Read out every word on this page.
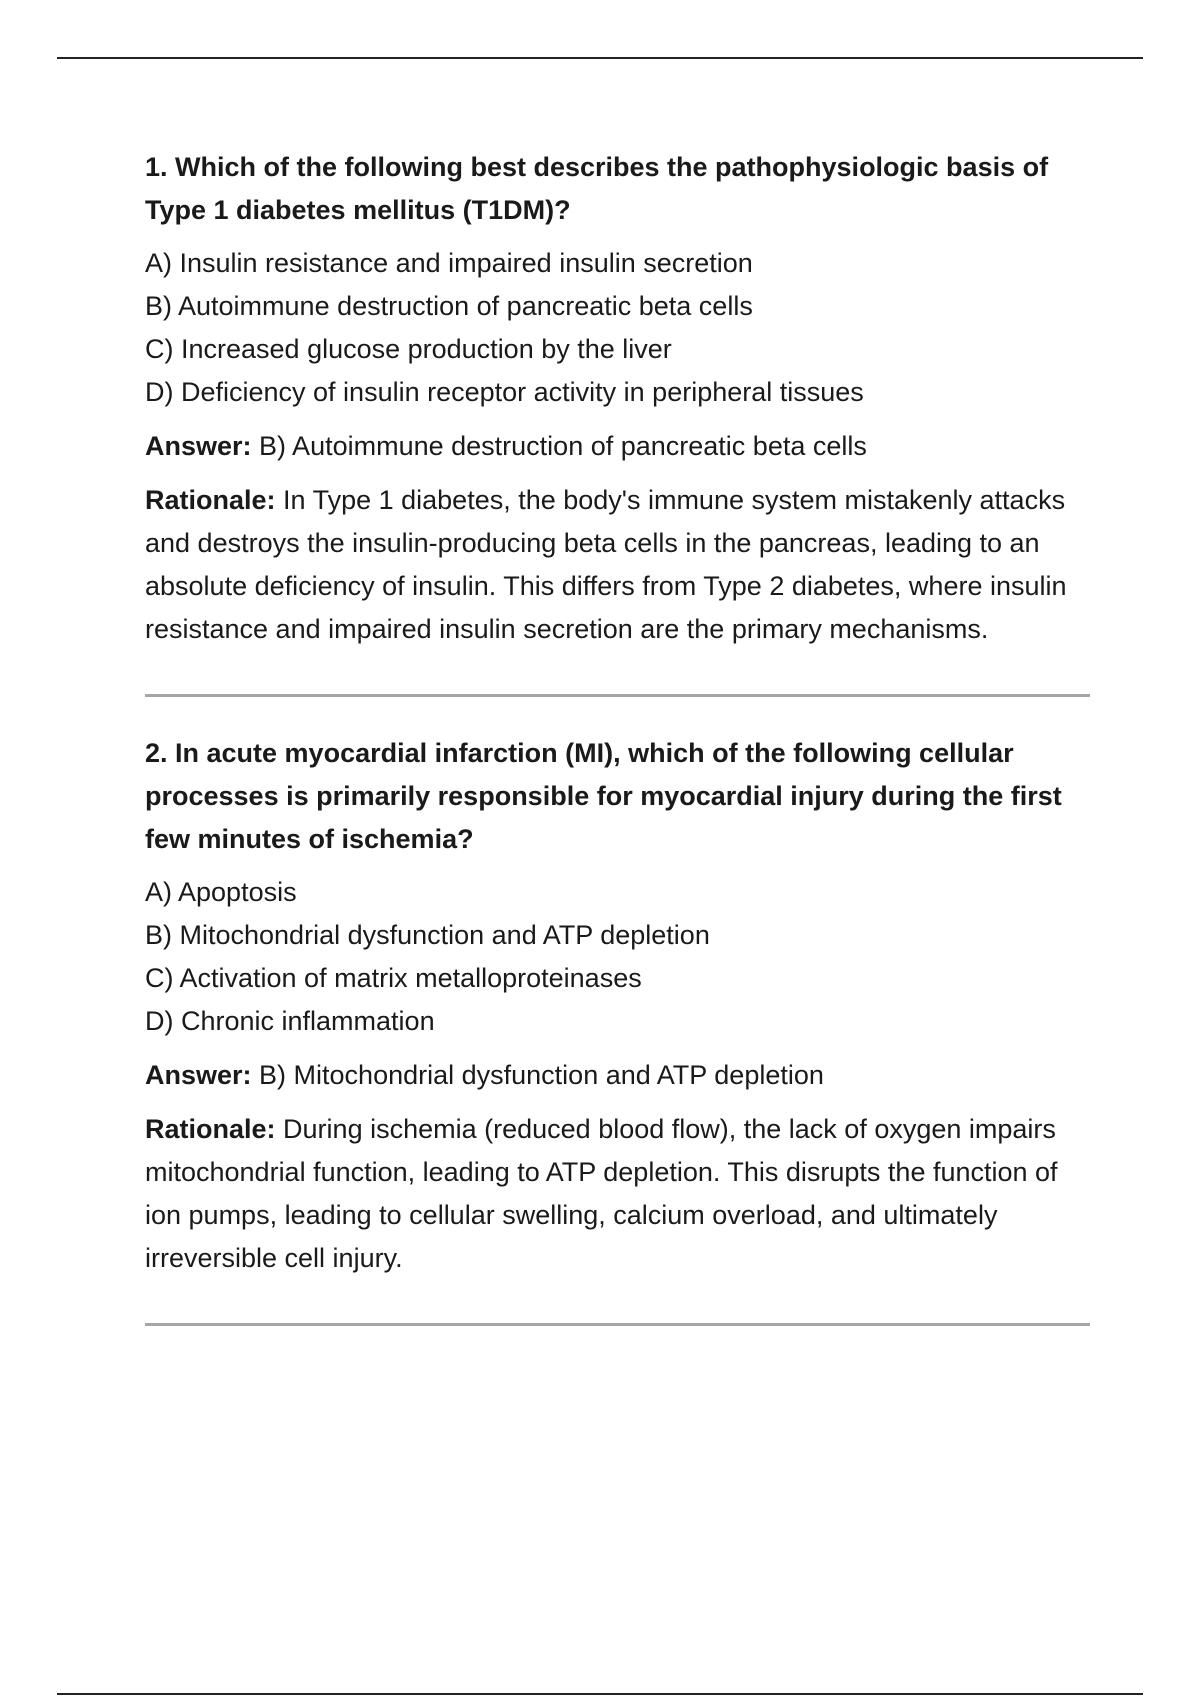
1. Which of the following best describes the pathophysiologic basis of Type 1 diabetes mellitus (T1DM)?

A) Insulin resistance and impaired insulin secretion
B) Autoimmune destruction of pancreatic beta cells
C) Increased glucose production by the liver
D) Deficiency of insulin receptor activity in peripheral tissues

Answer: B) Autoimmune destruction of pancreatic beta cells

Rationale: In Type 1 diabetes, the body's immune system mistakenly attacks and destroys the insulin-producing beta cells in the pancreas, leading to an absolute deficiency of insulin. This differs from Type 2 diabetes, where insulin resistance and impaired insulin secretion are the primary mechanisms.

2. In acute myocardial infarction (MI), which of the following cellular processes is primarily responsible for myocardial injury during the first few minutes of ischemia?

A) Apoptosis
B) Mitochondrial dysfunction and ATP depletion
C) Activation of matrix metalloproteinases
D) Chronic inflammation

Answer: B) Mitochondrial dysfunction and ATP depletion

Rationale: During ischemia (reduced blood flow), the lack of oxygen impairs mitochondrial function, leading to ATP depletion. This disrupts the function of ion pumps, leading to cellular swelling, calcium overload, and ultimately irreversible cell injury.
